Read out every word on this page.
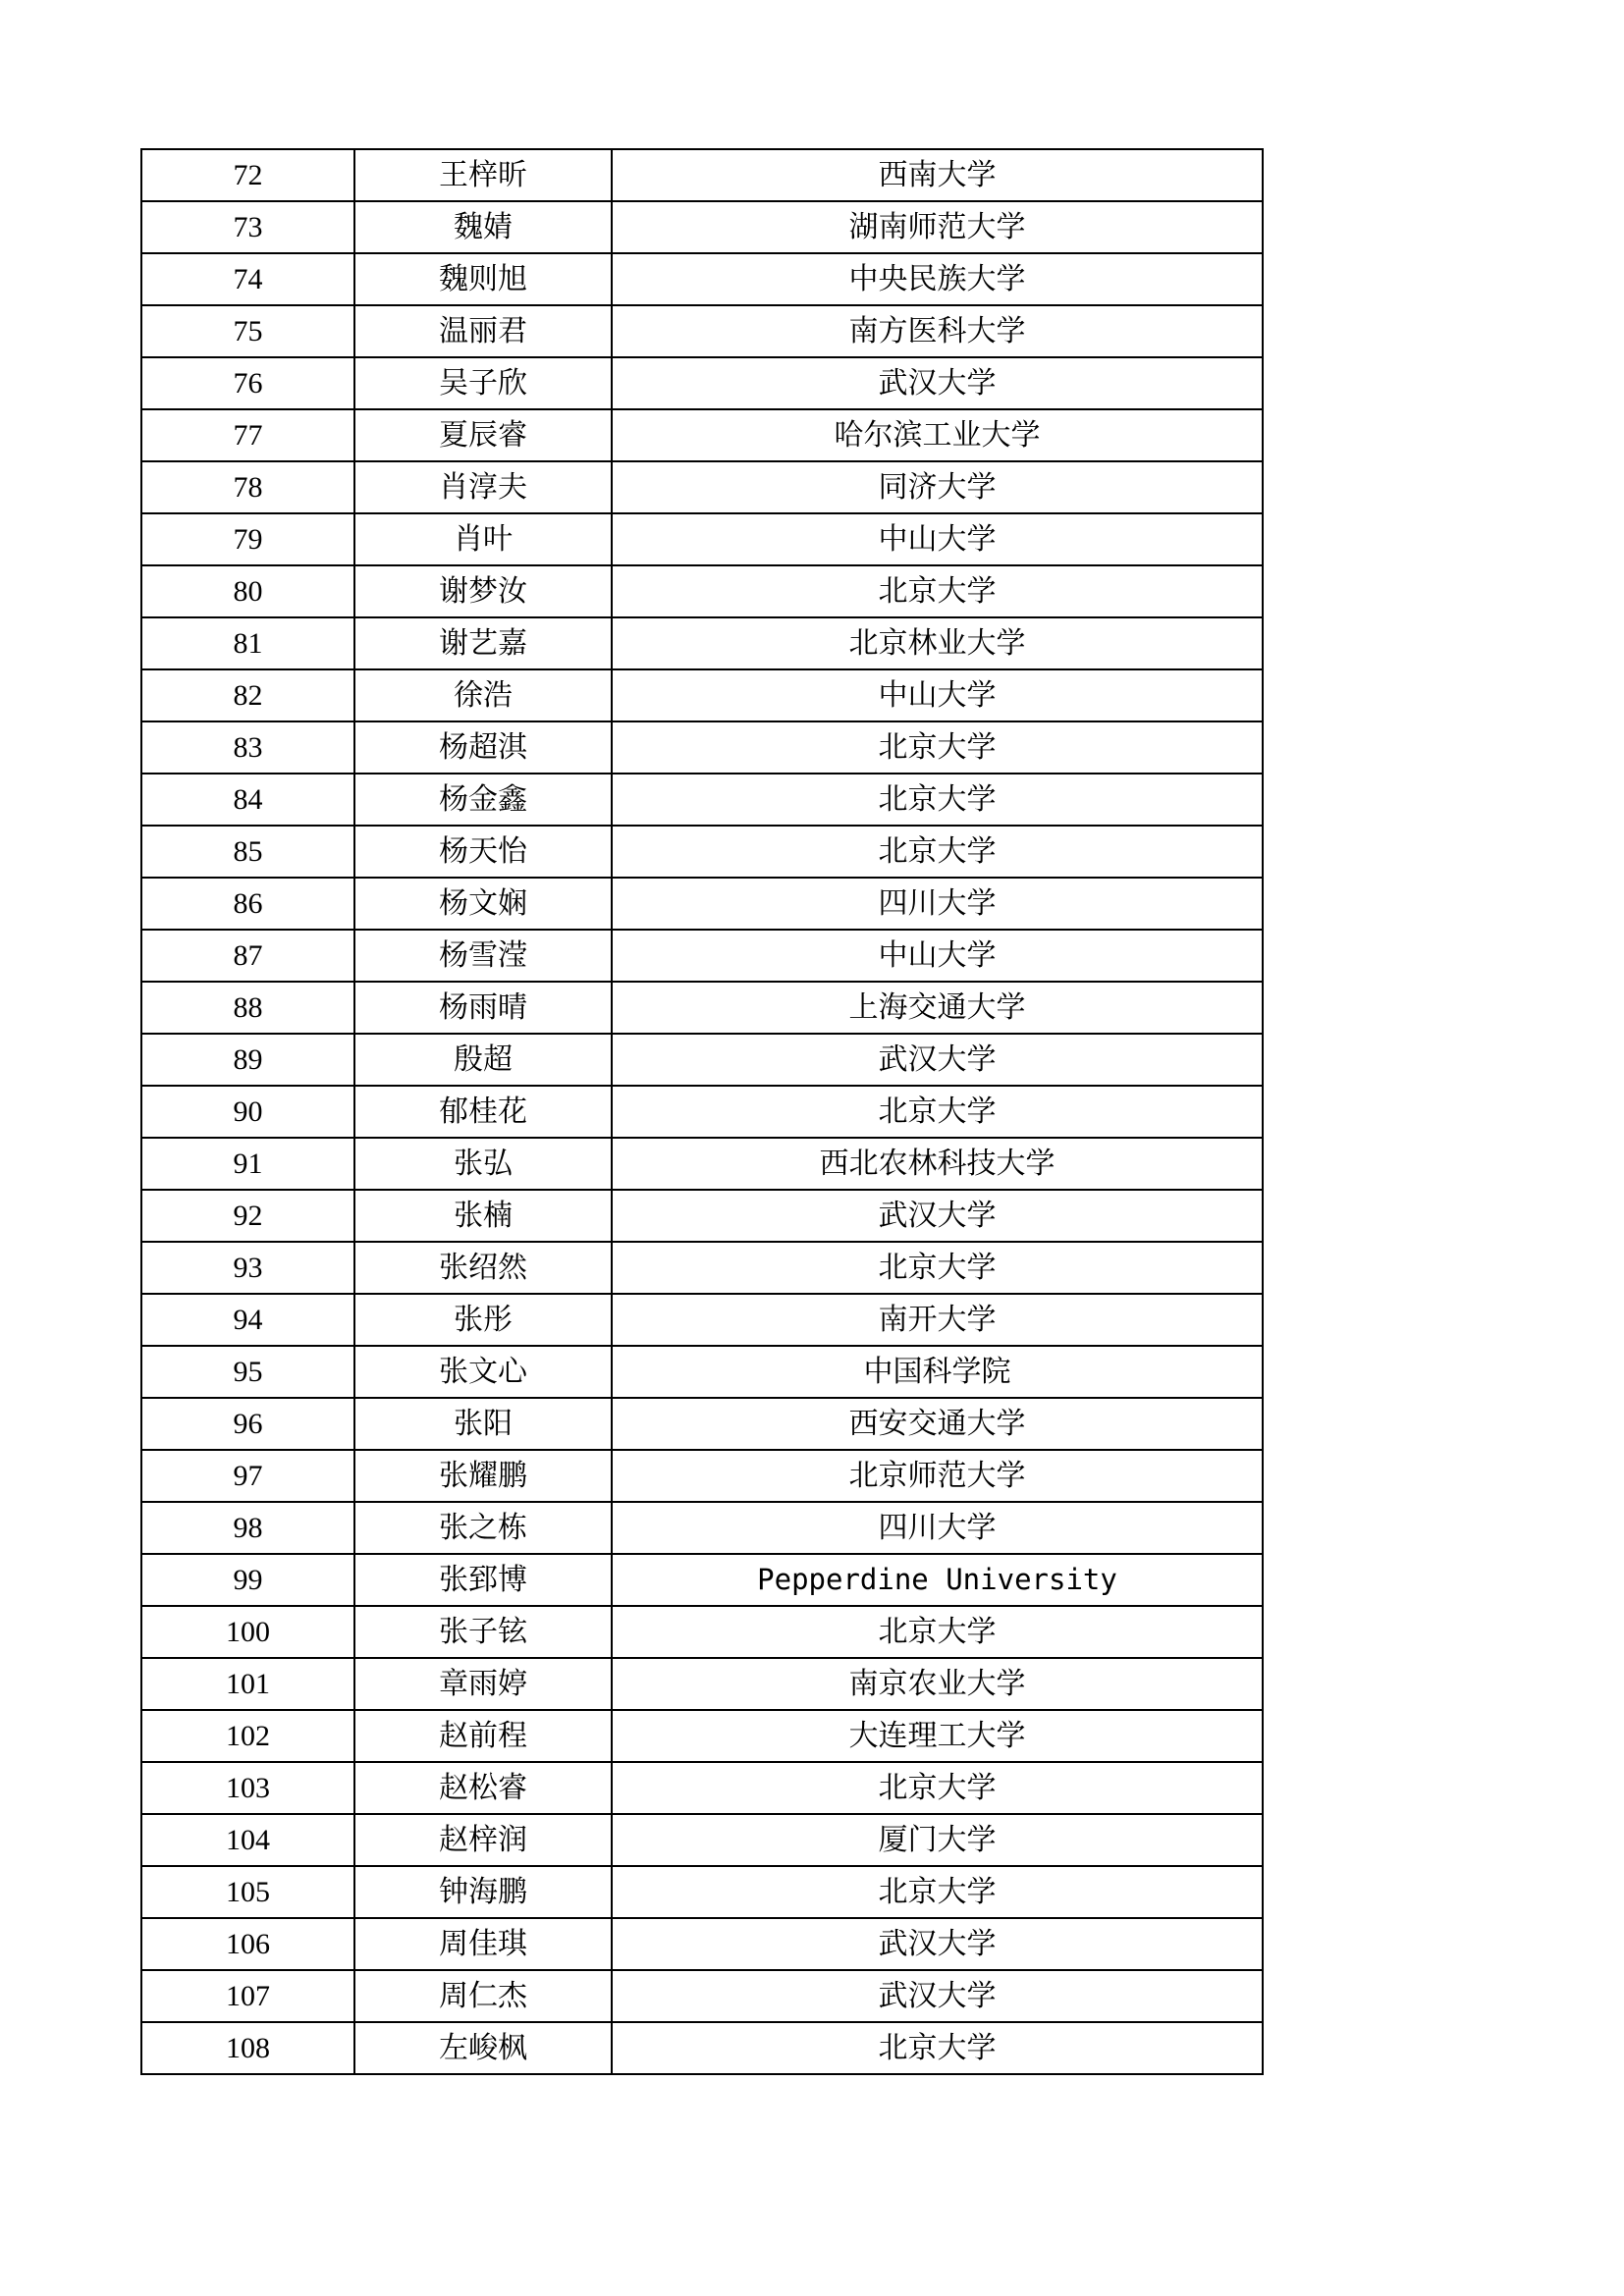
72	王梓昕	西南大学
73	魏婧	湖南师范大学
74	魏则旭	中央民族大学
75	温丽君	南方医科大学
76	吴子欣	武汉大学
77	夏辰睿	哈尔滨工业大学
78	肖淳夫	同济大学
79	肖叶	中山大学
80	谢梦汝	北京大学
81	谢艺嘉	北京林业大学
82	徐浩	中山大学
83	杨超淇	北京大学
84	杨金鑫	北京大学
85	杨天怡	北京大学
86	杨文娴	四川大学
87	杨雪滢	中山大学
88	杨雨晴	上海交通大学
89	殷超	武汉大学
90	郁桂花	北京大学
91	张弘	西北农林科技大学
92	张楠	武汉大学
93	张绍然	北京大学
94	张彤	南开大学
95	张文心	中国科学院
96	张阳	西安交通大学
97	张耀鹏	北京师范大学
98	张之栋	四川大学
99	张郅博	Pepperdine University
100	张子铉	北京大学
101	章雨婷	南京农业大学
102	赵前程	大连理工大学
103	赵松睿	北京大学
104	赵梓润	厦门大学
105	钟海鹏	北京大学
106	周佳琪	武汉大学
107	周仁杰	武汉大学
108	左峻枫	北京大学
